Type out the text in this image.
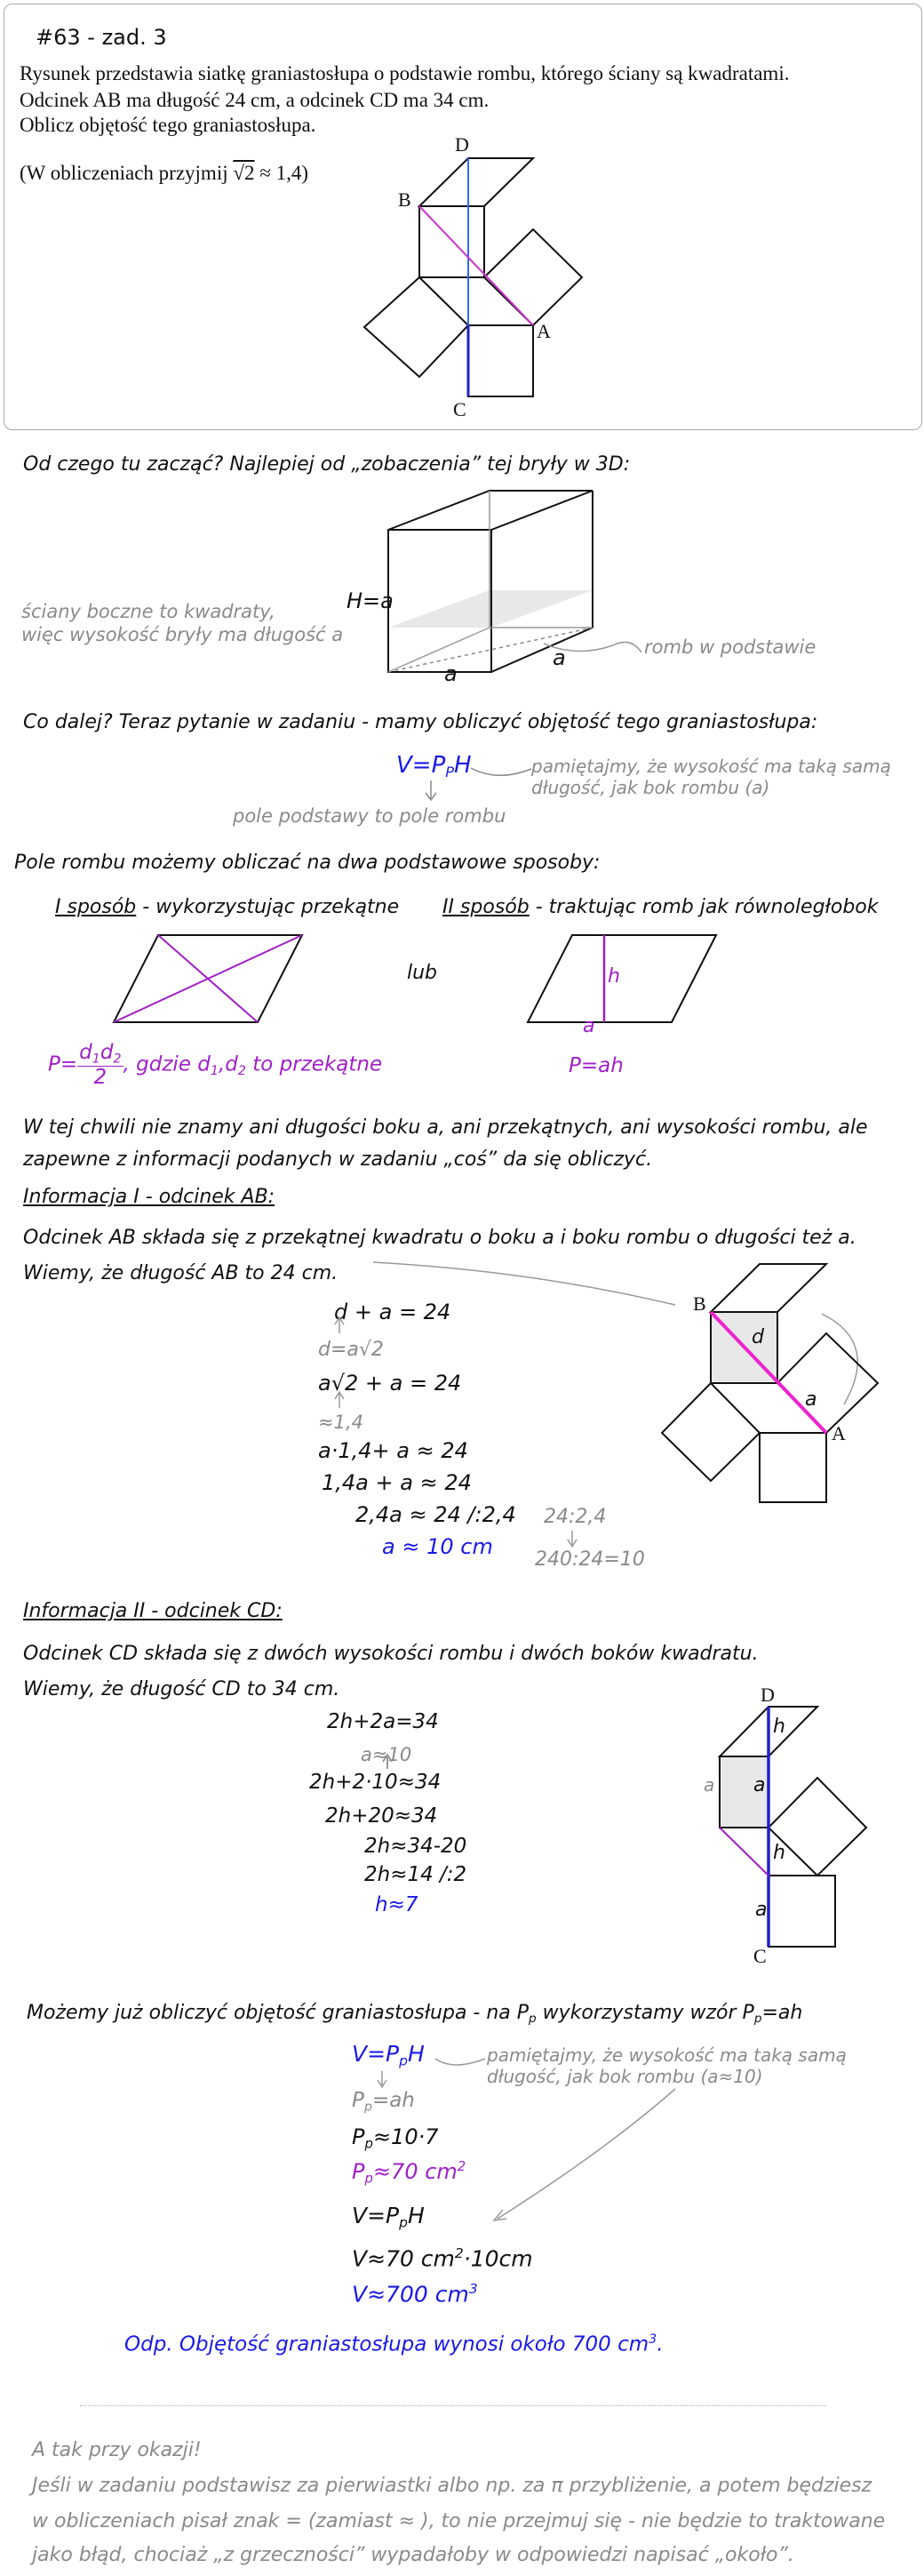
#63 - zad. 3
Rysunek przedstawia siatkę graniastosłupa o podstawie rombu, którego ściany są kwadratami.
Odcinek AB ma długość 24 cm, a odcinek CD ma 34 cm.
Oblicz objętość tego graniastosłupa.
(W obliczeniach przyjmij √2 ≈ 1,4)
D
B
A
C
Od czego tu zacząć? Najlepiej od „zobaczenia” tej bryły w 3D:
ściany boczne to kwadraty,
więc wysokość bryły ma długość a
H=a
a
a	romb w podstawie
Co dalej? Teraz pytanie w zadaniu - mamy obliczyć objętość tego graniastosłupa:
$V=P_PH$	pamiętajmy, że wysokość ma taką samą
długość, jak bok rombu (a)
pole podstawy to pole rombu
Pole rombu możemy obliczać na dwa podstawowe sposoby:
I sposób - wykorzystując przekątne II sposób - traktując romb jak równoległobok
lub	h
a
$P= \frac{d_1d_2}{2}$ , gdzie $d_1,d_2$ to przekątne	P=ah
W tej chwili nie znamy ani długości boku a, ani przekątnych, ani wysokości rombu, ale
zapewne z informacji podanych w zadaniu „coś” da się obliczyć.
Informacja I - odcinek AB:
Odcinek AB składa się z przekątnej kwadratu o boku a i boku rombu o długości też a.
Wiemy, że długość AB to 24 cm.
d + a = 24
d=a√2
a√2 + a = 24
≈1,4
a·1,4+ a ≈ 24
1,4a + a ≈ 24
2,4a ≈ 24 /:2,4
a ≈ 10 cm
24:2,4
240:24=10
B
A
d
a
Informacja II - odcinek CD:
Odcinek CD składa się z dwóch wysokości rombu i dwóch boków kwadratu.
Wiemy, że długość CD to 34 cm.
2h+2a=34
a≈10
2h+2·10≈34
2h+20≈34
2h≈34-20
2h≈14 /:2
h≈7
D
C
h
a
a
h
a
Możemy już obliczyć objętość graniastosłupa - na $P_p$ wykorzystamy wzór $P_p=ah$
$V=P_pH$	pamiętajmy, że wysokość ma taką samą
długość, jak bok rombu (a≈10)
$P_p=ah$
$P_p\approx 10\cdot 7$
$P_p\approx 70$ $cm^2$
$V=P_pH$
V≈70 $cm^2\cdot 10cm$
V≈700 $cm^3$
Odp. Objętość graniastosłupa wynosi około 700 $cm^3$.
A tak przy okazji!
Jeśli w zadaniu podstawisz za pierwiastki albo np. za π przybliżenie, a potem będziesz
w obliczeniach pisał znak = (zamiast ≈ ), to nie przejmuj się - nie będzie to traktowane
jako błąd, chociaż „z grzeczności” wypadałoby w odpowiedzi napisać „około”.
